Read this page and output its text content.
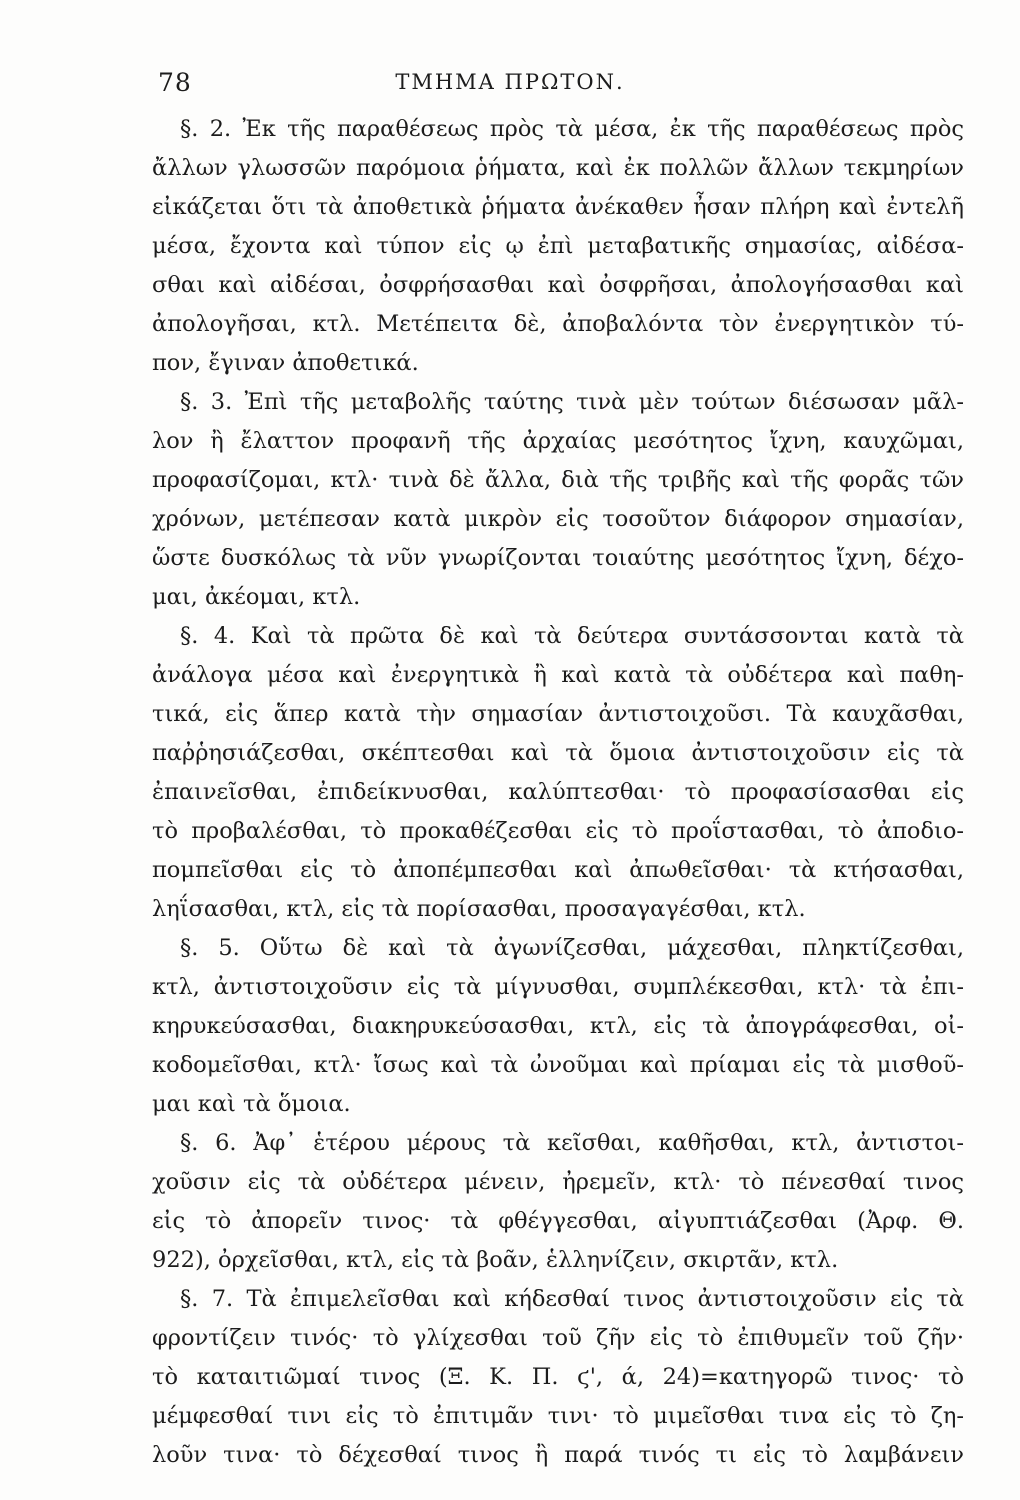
78	ΤΜΗΜΑ ΠΡΩΤΟΝ.
§. 2. Ἐκ τῆς παραθέσεως πρὸς τὰ μέσα, ἐκ τῆς παραθέσεως πρὸς
ἄλλων γλωσσῶν παρόμοια ῥήματα, καὶ ἐκ πολλῶν ἄλλων τεκμηρίων
εἰκάζεται ὅτι τὰ ἀποθετικὰ ῥήματα ἀνέκαθεν ἦσαν πλήρη καὶ ἐντελῆ
μέσα, ἔχοντα καὶ τύπον εἰς ῳ ἐπὶ μεταβατικῆς σημασίας, αἰδέσα-
σθαι καὶ αἰδέσαι, ὀσφρήσασθαι καὶ ὀσφρῆσαι, ἀπολογήσασθαι καὶ
ἀπολογῆσαι, κτλ. Μετέπειτα δὲ, ἀποβαλόντα τὸν ἐνεργητικὸν τύ-
πον, ἔγιναν ἀποθετικά.
§. 3. Ἐπὶ τῆς μεταβολῆς ταύτης τινὰ μὲν τούτων διέσωσαν μᾶλ-
λον ἢ ἔλαττον προφανῆ τῆς ἀρχαίας μεσότητος ἴχνη, καυχῶμαι,
προφασίζομαι, κτλ· τινὰ δὲ ἄλλα, διὰ τῆς τριβῆς καὶ τῆς φορᾶς τῶν
χρόνων, μετέπεσαν κατὰ μικρὸν εἰς τοσοῦτον διάφορον σημασίαν,
ὥστε δυσκόλως τὰ νῦν γνωρίζονται τοιαύτης μεσότητος ἴχνη, δέχο-
μαι, ἀκέομαι, κτλ.
§. 4. Καὶ τὰ πρῶτα δὲ καὶ τὰ δεύτερα συντάσσονται κατὰ τὰ
ἀνάλογα μέσα καὶ ἐνεργητικὰ ἢ καὶ κατὰ τὰ οὐδέτερα καὶ παθη-
τικά, εἰς ἅπερ κατὰ τὴν σημασίαν ἀντιστοιχοῦσι. Τὰ καυχᾶσθαι,
παῤῥησιάζεσθαι, σκέπτεσθαι καὶ τὰ ὅμοια ἀντιστοιχοῦσιν εἰς τὰ
ἐπαινεῖσθαι, ἐπιδείκνυσθαι, καλύπτεσθαι· τὸ προφασίσασθαι εἰς
τὸ προβαλέσθαι, τὸ προκαθέζεσθαι εἰς τὸ προΐστασθαι, τὸ ἀποδιο-
πομπεῖσθαι εἰς τὸ ἀποπέμπεσθαι καὶ ἀπωθεῖσθαι· τὰ κτήσασθαι,
ληΐσασθαι, κτλ, εἰς τὰ πορίσασθαι, προσαγαγέσθαι, κτλ.
§. 5. Οὕτω δὲ καὶ τὰ ἀγωνίζεσθαι, μάχεσθαι, πληκτίζεσθαι,
κτλ, ἀντιστοιχοῦσιν εἰς τὰ μίγνυσθαι, συμπλέκεσθαι, κτλ· τὰ ἐπι-
κηρυκεύσασθαι, διακηρυκεύσασθαι, κτλ, εἰς τὰ ἀπογράφεσθαι, οἰ-
κοδομεῖσθαι, κτλ· ἴσως καὶ τὰ ὠνοῦμαι καὶ πρίαμαι εἰς τὰ μισθοῦ-
μαι καὶ τὰ ὅμοια.
§. 6. Ἀφ᾽ ἑτέρου μέρους τὰ κεῖσθαι, καθῆσθαι, κτλ, ἀντιστοι-
χοῦσιν εἰς τὰ οὐδέτερα μένειν, ἠρεμεῖν, κτλ· τὸ πένεσθαί τινος
εἰς τὸ ἀπορεῖν τινος· τὰ φθέγγεσθαι, αἰγυπτιάζεσθαι (Ἀρφ. Θ.
922), ὀρχεῖσθαι, κτλ, εἰς τὰ βοᾶν, ἑλληνίζειν, σκιρτᾶν, κτλ.
§. 7. Τὰ ἐπιμελεῖσθαι καὶ κήδεσθαί τινος ἀντιστοιχοῦσιν εἰς τὰ
φροντίζειν τινός· τὸ γλίχεσθαι τοῦ ζῆν εἰς τὸ ἐπιθυμεῖν τοῦ ζῆν·
τὸ καταιτιῶμαί τινος (Ξ. Κ. Π. ϛ', ά, 24)=κατηγορῶ τινος· τὸ
μέμφεσθαί τινι εἰς τὸ ἐπιτιμᾶν τινι· τὸ μιμεῖσθαι τινα εἰς τὸ ζη-
λοῦν τινα· τὸ δέχεσθαί τινος ἢ παρά τινός τι εἰς τὸ λαμβάνειν
